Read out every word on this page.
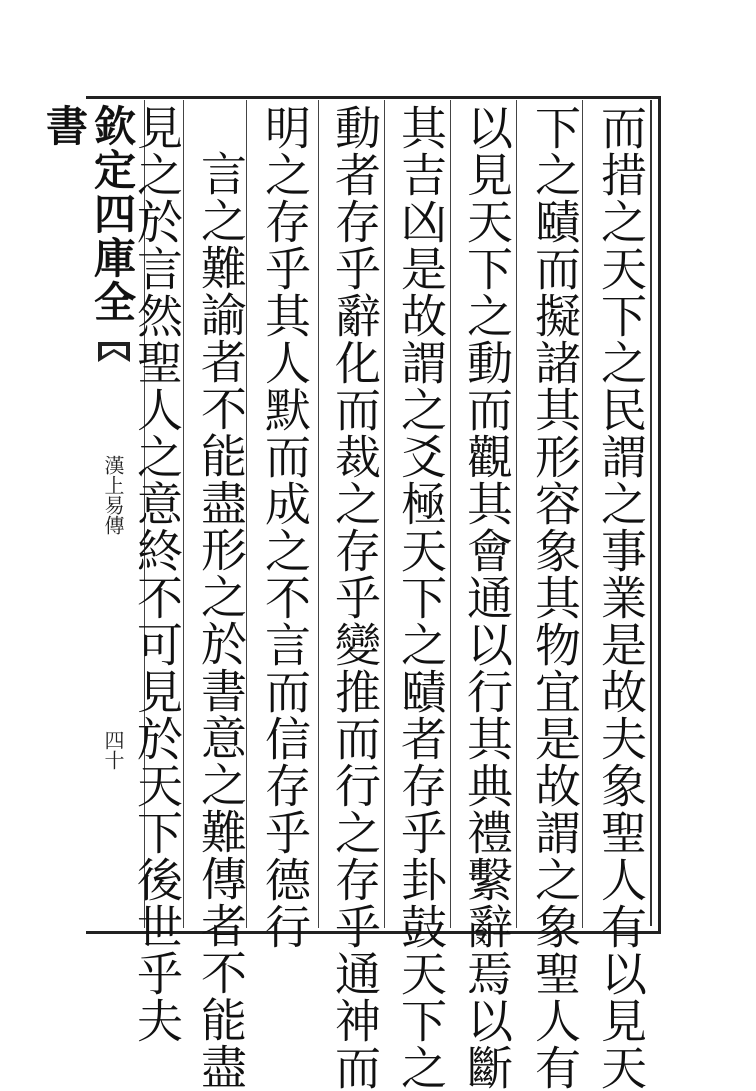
欽定四庫全書
漢上易傳
四十	而措之天下之民謂之事業是故夫象聖人有以見天
下之賾而擬諸其形容象其物宜是故謂之象聖人有
以見天下之動而觀其會通以行其典禮繫辭焉以斷
其吉凶是故謂之爻極天下之賾者存乎卦鼓天下之
動者存乎辭化而裁之存乎變推而行之存乎通神而
明之存乎其人默而成之不言而信存乎德行
言之難諭者不能盡形之於書意之難傳者不能盡
見之於言然聖人之意終不可見於天下後世乎夫
